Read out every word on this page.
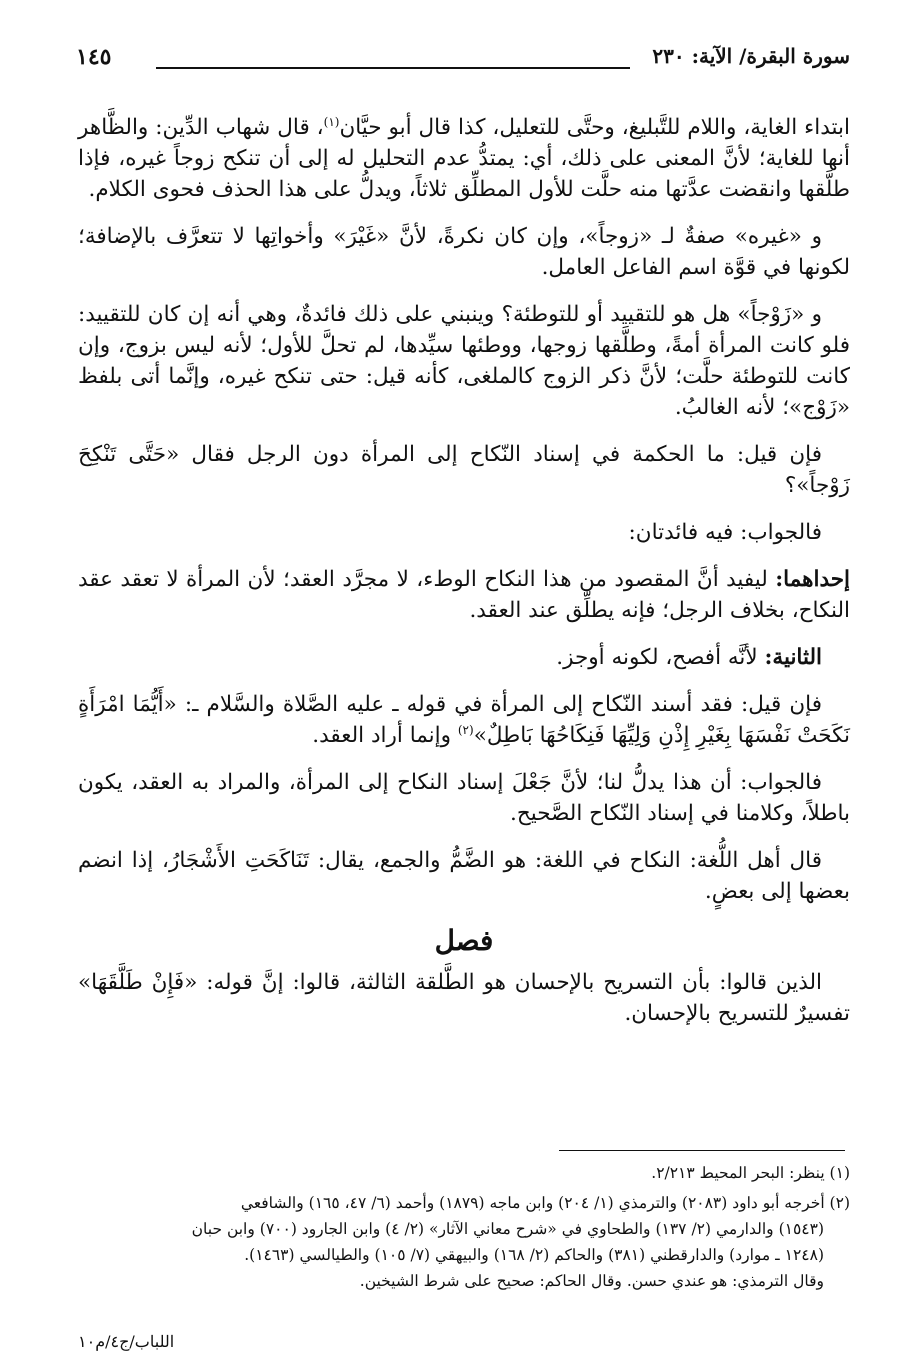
سورة البقرة/ الآية: ٢٣٠
١٤٥

ابتداء الغاية، واللام للتَّبليغ، وحتَّى للتعليل، كذا قال أبو حيَّان$^{(١)}$، قال شهاب الدِّين: والظَّاهر أنها للغاية؛ لأنَّ المعنى على ذلك، أي: يمتدُّ عدم التحليل له إلى أن تنكح زوجاً غيره، فإذا طلَّقها وانقضت عدَّتها منه حلَّت للأول المطلِّق ثلاثاً، ويدلُّ على هذا الحذف فحوى الكلام.

و «غيره» صفةٌ لـ «زوجاً»، وإن كان نكرةً، لأنَّ «غَيْرَ» وأخواتِها لا تتعرَّف بالإضافة؛ لكونها في قوَّة اسم الفاعل العامل.

و «زَوْجاً» هل هو للتقييد أو للتوطئة؟ وينبني على ذلك فائدةٌ، وهي أنه إن كان للتقييد: فلو كانت المرأة أمةً، وطلَّقها زوجها، ووطئها سيِّدها، لم تحلَّ للأول؛ لأنه ليس بزوج، وإن كانت للتوطئة حلَّت؛ لأنَّ ذكر الزوج كالملغى، كأنه قيل: حتى تنكح غيره، وإنَّما أتى بلفظ «زَوْج»؛ لأنه الغالبُ.

فإن قيل: ما الحكمة في إسناد النّكاح إلى المرأة دون الرجل فقال «حَتَّى تَنْكِحَ زَوْجاً»؟

فالجواب: فيه فائدتان:

إحداهما: ليفيد أنَّ المقصود من هذا النكاح الوطء، لا مجرَّد العقد؛ لأن المرأة لا تعقد عقد النكاح، بخلاف الرجل؛ فإنه يطلِّق عند العقد.

الثانية: لأنَّه أفصح، لكونه أوجز.

فإن قيل: فقد أسند النّكاح إلى المرأة في قوله ـ عليه الصَّلاة والسَّلام ـ: «أَيُّمَا امْرَأَةٍ نَكَحَتْ نَفْسَهَا بِغَيْرِ إِذْنِ وَلِيِّهَا فَنِكَاحُهَا بَاطِلٌ»$^{(٢)}$ وإنما أراد العقد.

فالجواب: أن هذا يدلُّ لنا؛ لأنَّ جَعْلَ إسناد النكاح إلى المرأة، والمراد به العقد، يكون باطلاً، وكلامنا في إسناد النّكاح الصَّحيح.

قال أهل اللُّغة: النكاح في اللغة: هو الضَّمُّ والجمع، يقال: تَنَاكَحَتِ الأَشْجَارُ، إذا انضم بعضها إلى بعضٍ.

فصل

الذين قالوا: بأن التسريح بالإحسان هو الطَّلقة الثالثة، قالوا: إنَّ قوله: «فَإِنْ طَلَّقَهَا» تفسيرٌ للتسريح بالإحسان.

(١) ينظر: البحر المحيط ٢/٢١٣.

(٢) أخرجه أبو داود (٢٠٨٣) والترمذي (١/ ٢٠٤) وابن ماجه (١٨٧٩) وأحمد (٦/ ٤٧، ١٦٥) والشافعي
(١٥٤٣) والدارمي (٢/ ١٣٧) والطحاوي في «شرح معاني الآثار» (٢/ ٤) وابن الجارود (٧٠٠) وابن حبان
(١٢٤٨ ـ موارد) والدارقطني (٣٨١) والحاكم (٢/ ١٦٨) والبيهقي (٧/ ١٠٥) والطيالسي (١٤٦٣).
وقال الترمذي: هو عندي حسن. وقال الحاكم: صحيح على شرط الشيخين.

اللباب/ج٤/م١٠
